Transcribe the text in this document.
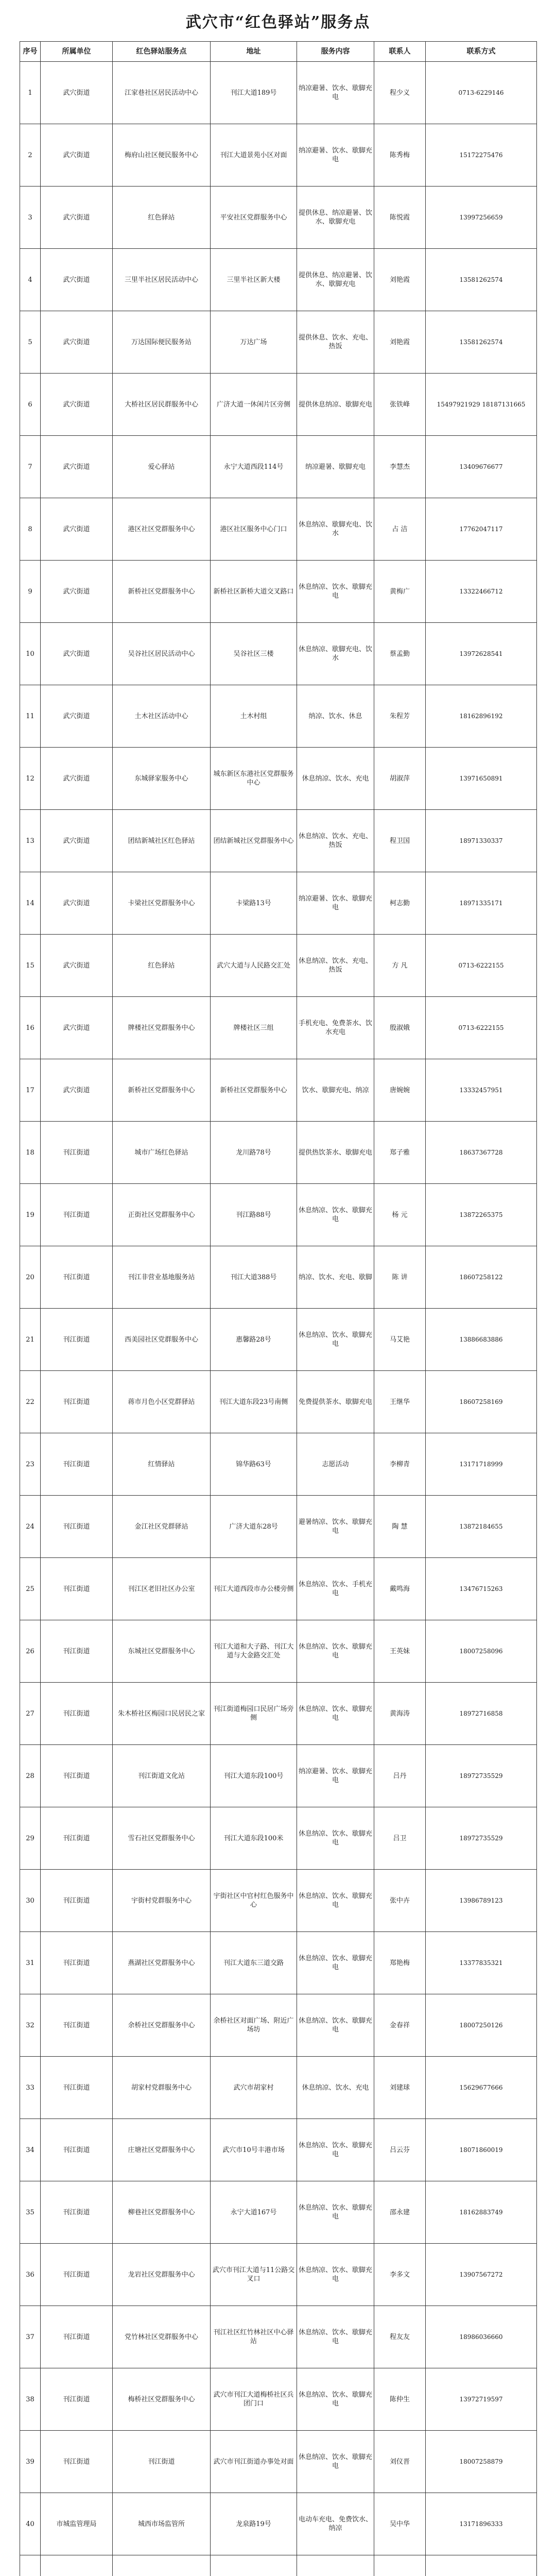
武穴市“红色驿站”服务点
序号	所属单位	红色驿站服务点	地址	服务内容	联系人	联系方式
1	武穴街道	江家巷社区居民活动中心	刊江大道189号	纳凉避暑、饮水、歇脚充电	程少义	0713-6229146
2	武穴街道	梅府山社区便民服务中心	刊江大道景苑小区对面	纳凉避暑、饮水、歇脚充电	陈秀梅	15172275476
3	武穴街道	红色驿站	平安社区党群服务中心	提供休息、纳凉避暑、饮水、歇脚充电	陈悦霞	13997256659
4	武穴街道	三里半社区居民活动中心	三里半社区新大楼	提供休息、纳凉避暑、饮水、歇脚充电	刘艳霞	13581262574
5	武穴街道	万达国际便民服务站	万达广场	提供休息、饮水、充电、热饭	刘艳霞	13581262574
6	武穴街道	大桥社区居民群服务中心	广济大道一休闲片区旁侧	提供休息纳凉、歇脚充电	张铁峰	15497921929 18187131665
7	武穴街道	爱心驿站	永宁大道西段114号	纳凉避暑、歇脚充电	李慧杰	13409676677
8	武穴街道	港区社区党群服务中心	港区社区服务中心门口	休息纳凉、歇脚充电、饮水	占 洁	17762047117
9	武穴街道	新桥社区党群服务中心	新桥社区新桥大道交叉路口	休息纳凉、饮水、歇脚充电	黄梅广	13322466712
10	武穴街道	吴谷社区居民活动中心	吴谷社区三楼	休息纳凉、歇脚充电、饮水	蔡孟勤	13972628541
11	武穴街道	土木社区活动中心	土木村组	纳凉、饮水、休息	朱程芳	18162896192
12	武穴街道	东城驿家服务中心	城东新区东港社区党群服务中心	休息纳凉、饮水、充电	胡淑萍	13971650891
13	武穴街道	团结新城社区红色驿站	团结新城社区党群服务中心	休息纳凉、饮水、充电、热饭	程卫国	18971330337
14	武穴街道	卡梁社区党群服务中心	卡梁路13号	纳凉避暑、饮水、歇脚充电	柯志勤	18971335171
15	武穴街道	红色驿站	武穴大道与人民路交汇处	休息纳凉、饮水、充电、热饭	方 凡	0713-6222155
16	武穴街道	牌楼社区党群服务中心	牌楼社区三组	手机充电、免费茶水、饮水充电	殷淑娥	0713-6222155
17	武穴街道	新桥社区党群服务中心	新桥社区党群服务中心	饮水、歇脚充电、纳凉	唐婉婉	13332457951
18	刊江街道	城市广场红色驿站	龙川路78号	提供热饮茶水、歇脚充电	郑子雅	18637367728
19	刊江街道	正街社区党群服务中心	刊江路88号	休息纳凉、饮水、歇脚充电	杨 元	13872265375
20	刊江街道	刊江非营业基地服务站	刊江大道388号	纳凉、饮水、充电、歇脚	陈 讲	18607258122
21	刊江街道	西美园社区党群服务中心	惠馨路28号	休息纳凉、饮水、歇脚充电	马艾艳	13886683886
22	刊江街道	蒋市月色小区党群驿站	刊江大道东段23号南侧	免费提供茶水、歇脚充电	王继华	18607258169
23	刊江街道	红情驿站	锦华路63号	志愿活动	李柳青	13171718999
24	刊江街道	金江社区党群驿站	广济大道东28号	避暑纳凉、饮水、歇脚充电	陶 慧	13872184655
25	刊江街道	刊江区老旧社区办公室	刊江大道西段市办公楼旁侧	休息纳凉、饮水、手机充电	戴鸣海	13476715263
26	刊江街道	东城社区党群服务中心	刊江大道和大子路、刊江大道与大金路交汇处	休息纳凉、饮水、歇脚充电	王英妹	18007258096
27	刊江街道	朱木桥社区梅园口民居民之家	刊江街道梅园口民居广场旁侧	休息纳凉、饮水、歇脚充电	黄海涛	18972716858
28	刊江街道	刊江街道文化站	刊江大道东段100号	纳凉避暑、饮水、歇脚充电	吕丹	18972735529
29	刊江街道	雪石社区党群服务中心	刊江大道东段100米	休息纳凉、饮水、歇脚充电	吕卫	18972735529
30	刊江街道	宇街村党群服务中心	宇街社区中官村红色服务中心	休息纳凉、饮水、歇脚充电	张中卉	13986789123
31	刊江街道	燕湖社区党群服务中心	刊江大道东三道交路	休息纳凉、饮水、歇脚充电	郑艳梅	13377835321
32	刊江街道	余桥社区党群服务中心	余桥社区对面广场、附近广场坊	休息纳凉、饮水、歇脚充电	金春祥	18007250126
33	刊江街道	胡家村党群服务中心	武穴市胡家村	休息纳凉、饮水、充电	刘建球	15629677666
34	刊江街道	庄塘社区党群服务中心	武穴市10号丰港市场	休息纳凉、饮水、歇脚充电	吕云芬	18071860019
35	刊江街道	柳巷社区党群服务中心	永宁大道167号	休息纳凉、饮水、歇脚充电	邵永建	18162883749
36	刊江街道	龙岩社区党群服务中心	武穴市刊江大道与11公路交叉口	休息纳凉、饮水、歇脚充电	李多文	13907567272
37	刊江街道	党竹林社区党群服务中心	刊江社区红竹林社区中心驿站	休息纳凉、饮水、歇脚充电	程友友	18986036660
38	刊江街道	梅桥社区党群服务中心	武穴市刊江大道梅桥社区兵团门口	休息纳凉、饮水、歇脚充电	陈仲生	13972719597
39	刊江街道	刊江街道	武穴市刊江街道办事处对面	休息纳凉、饮水、歇脚充电	刘仪晋	18007258879
40	市城监管理局	城西市场监管所	龙泉路19号	电动车充电、免费饮水、纳凉	吴中华	13171896333
